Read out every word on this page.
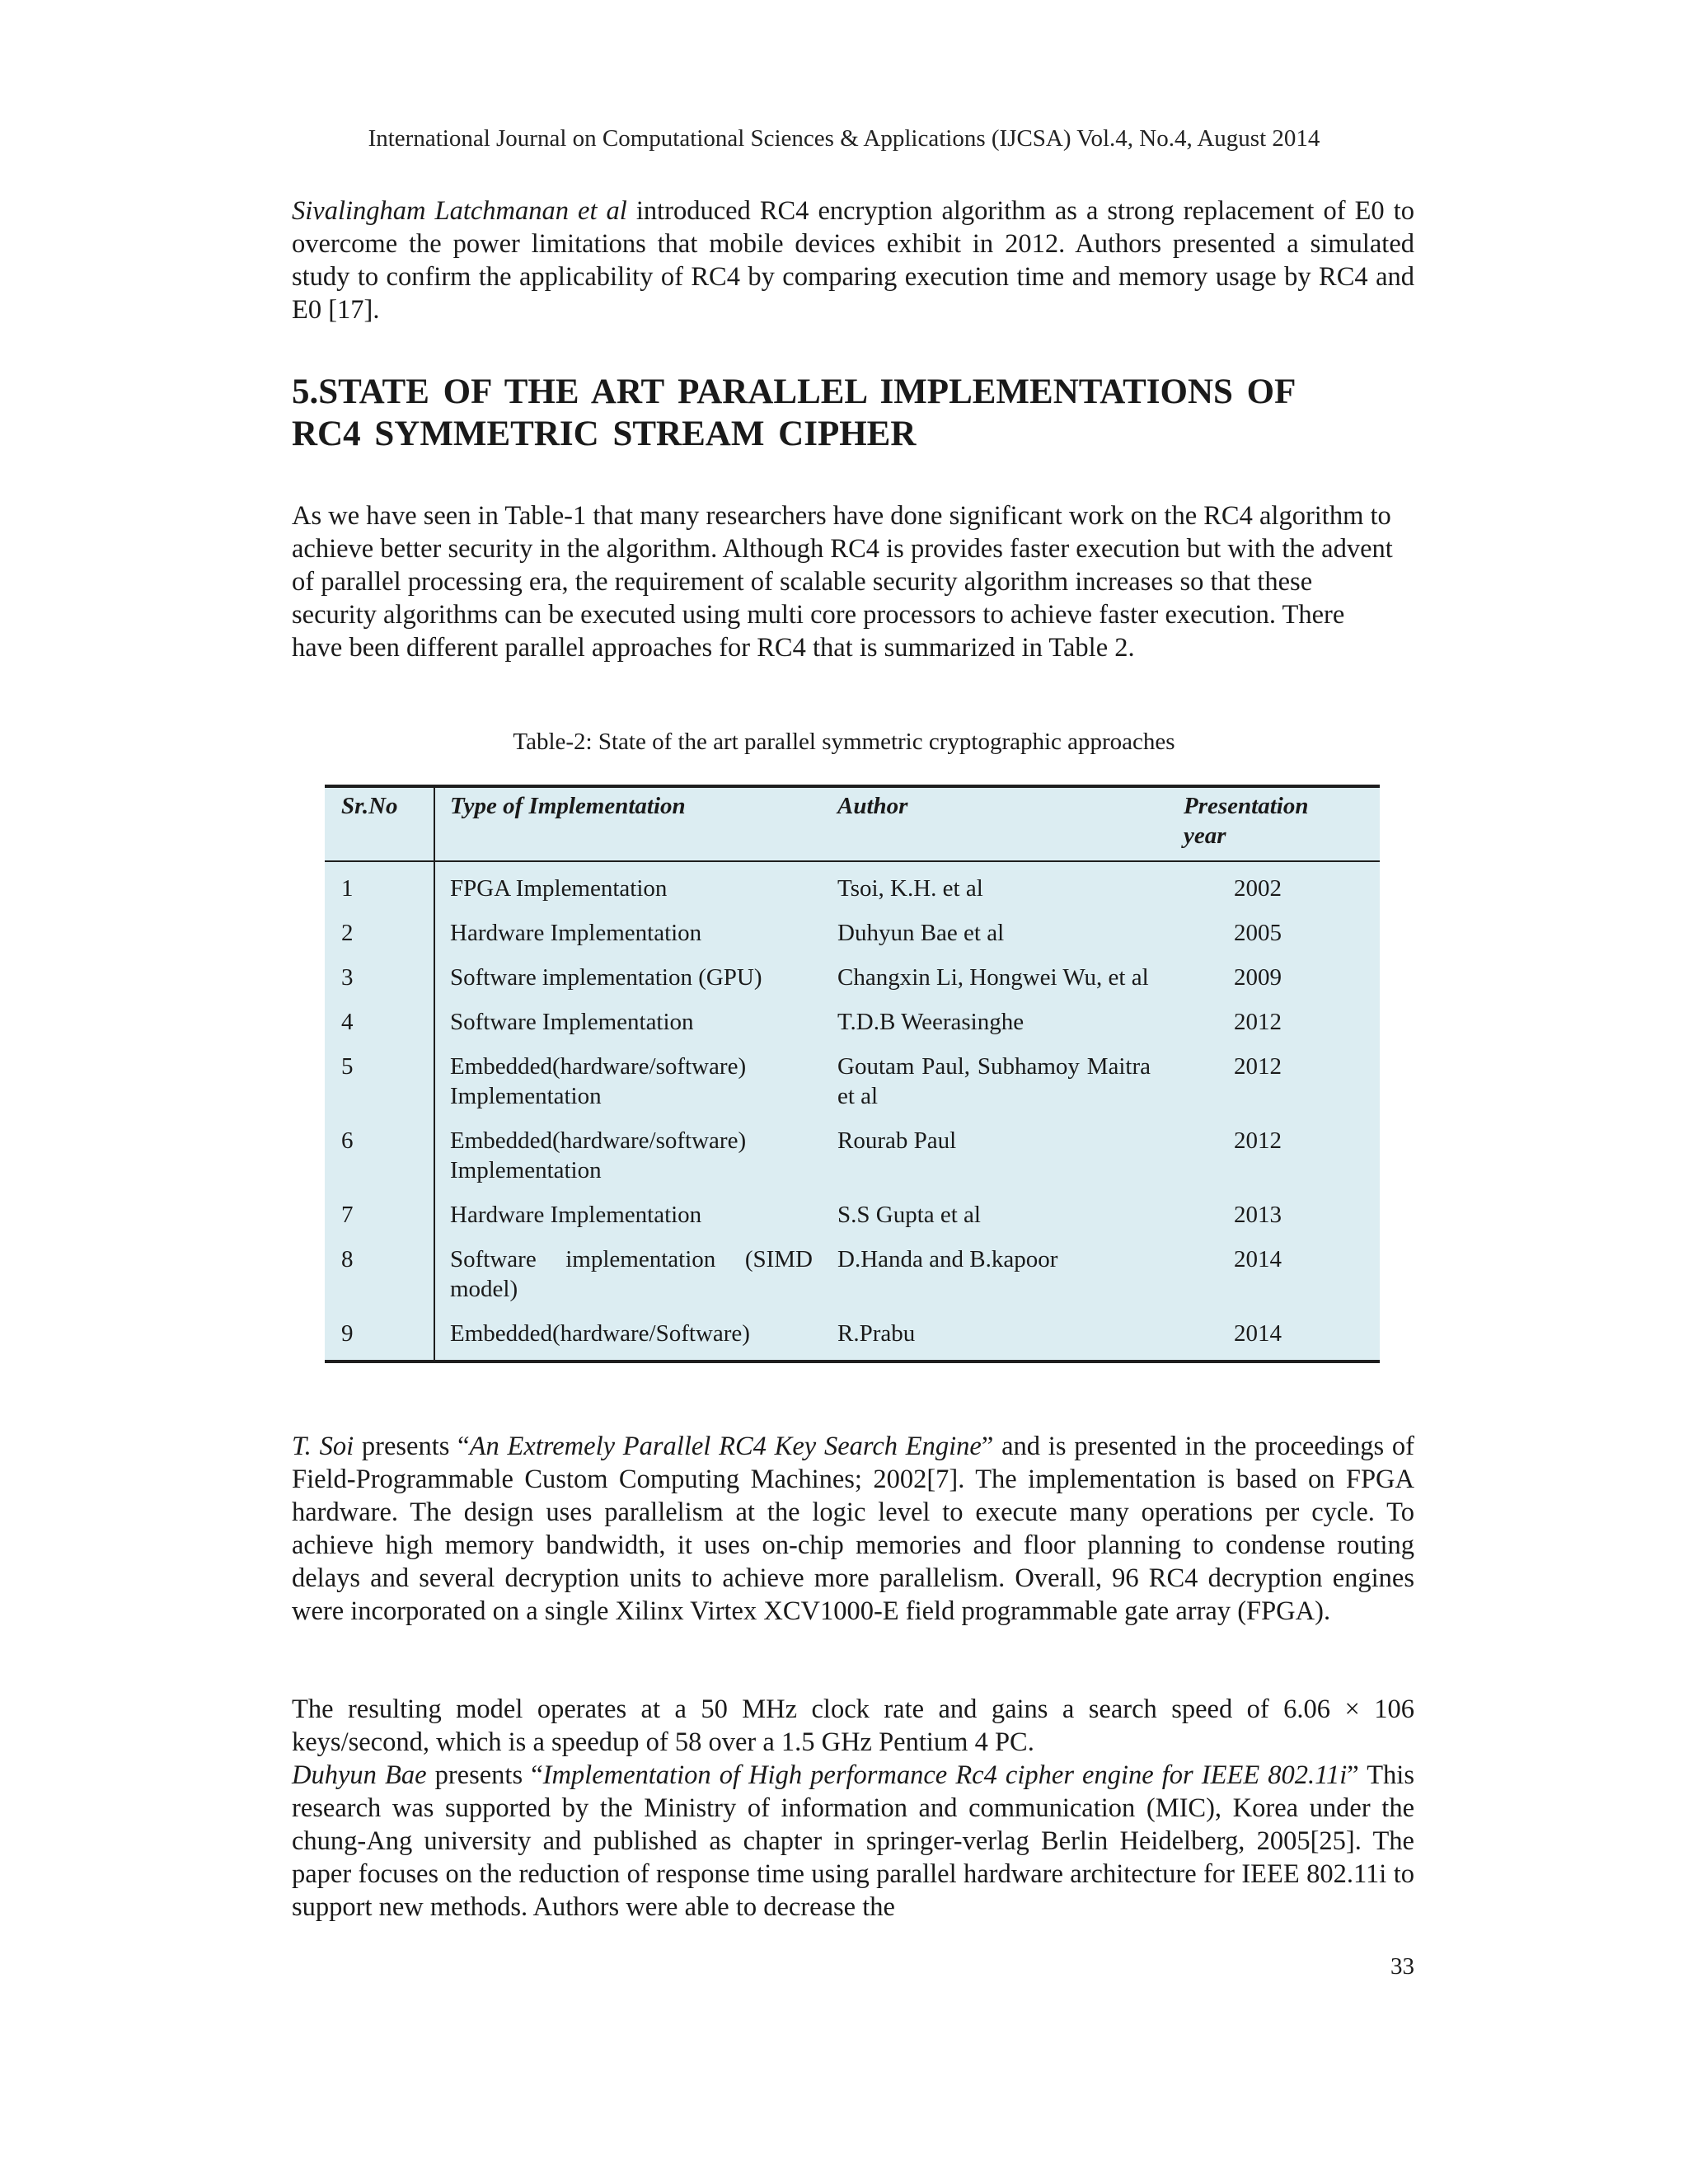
International Journal on Computational Sciences & Applications (IJCSA) Vol.4, No.4, August 2014

Sivalingham Latchmanan et al introduced RC4 encryption algorithm as a strong replacement of E0 to overcome the power limitations that mobile devices exhibit in 2012. Authors presented a simulated study to confirm the applicability of RC4 by comparing execution time and memory usage by RC4 and E0 [17].

5.STATE OF THE ART PARALLEL IMPLEMENTATIONS OF
RC4 SYMMETRIC STREAM CIPHER

As we have seen in Table-1 that many researchers have done significant work on the RC4 algorithm to achieve better security in the algorithm. Although RC4 is provides faster execution but with the advent of parallel processing era, the requirement of scalable security algorithm increases so that these security algorithms can be executed using multi core processors to achieve faster execution. There have been different parallel approaches for RC4 that is summarized in Table 2.

Table-2: State of the art parallel symmetric cryptographic approaches

Sr.No	Type of Implementation	Author	Presentation year
1	FPGA Implementation	Tsoi, K.H. et al	2002
2	Hardware Implementation	Duhyun Bae et al	2005
3	Software implementation (GPU)	Changxin Li, Hongwei Wu, et al	2009
4	Software Implementation	T.D.B Weerasinghe	2012
5	Embedded(hardware/software) Implementation	Goutam Paul, Subhamoy Maitra et al	2012
6	Embedded(hardware/software) Implementation	Rourab Paul	2012
7	Hardware Implementation	S.S Gupta et al	2013
8	Software implementation (SIMD model)	D.Handa and B.kapoor	2014
9	Embedded(hardware/Software)	R.Prabu	2014

T. Soi presents “An Extremely Parallel RC4 Key Search Engine” and is presented in the proceedings of Field-Programmable Custom Computing Machines; 2002[7]. The implementation is based on FPGA hardware. The design uses parallelism at the logic level to execute many operations per cycle. To achieve high memory bandwidth, it uses on-chip memories and floor planning to condense routing delays and several decryption units to achieve more parallelism. Overall, 96 RC4 decryption engines were incorporated on a single Xilinx Virtex XCV1000-E field programmable gate array (FPGA).

The resulting model operates at a 50 MHz clock rate and gains a search speed of 6.06 × 106 keys/second, which is a speedup of 58 over a 1.5 GHz Pentium 4 PC.
Duhyun Bae presents “Implementation of High performance Rc4 cipher engine for IEEE 802.11i” This research was supported by the Ministry of information and communication (MIC), Korea under the chung-Ang university and published as chapter in springer-verlag Berlin Heidelberg, 2005[25]. The paper focuses on the reduction of response time using parallel hardware architecture for IEEE 802.11i to support new methods. Authors were able to decrease the

33
